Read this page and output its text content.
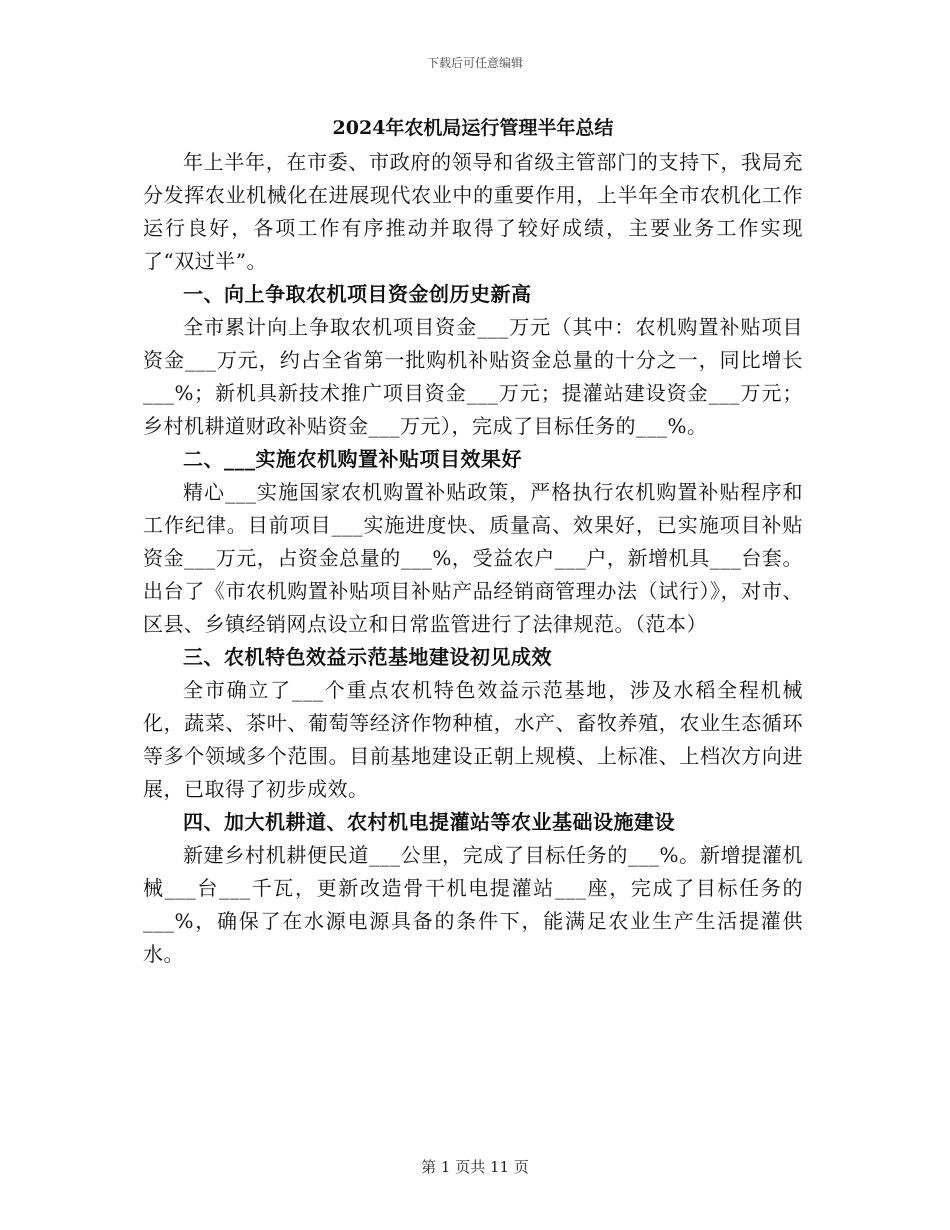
下载后可任意编辑
2024年农机局运行管理半年总结

年上半年，在市委、市政府的领导和省级主管部门的支持下，我局充分发挥农业机械化在进展现代农业中的重要作用，上半年全市农机化工作运行良好，各项工作有序推动并取得了较好成绩，主要业务工作实现了“双过半”。

一、向上争取农机项目资金创历史新高

全市累计向上争取农机项目资金___万元（其中：农机购置补贴项目资金___万元，约占全省第一批购机补贴资金总量的十分之一，同比增长___%；新机具新技术推广项目资金___万元；提灌站建设资金___万元；乡村机耕道财政补贴资金___万元），完成了目标任务的___%。

二、___实施农机购置补贴项目效果好

精心___实施国家农机购置补贴政策，严格执行农机购置补贴程序和工作纪律。目前项目___实施进度快、质量高、效果好，已实施项目补贴资金___万元，占资金总量的___%，受益农户___户，新增机具___台套。出台了《市农机购置补贴项目补贴产品经销商管理办法（试行）》，对市、区县、乡镇经销网点设立和日常监管进行了法律规范。（范本）

三、农机特色效益示范基地建设初见成效

全市确立了___个重点农机特色效益示范基地，涉及水稻全程机械化，蔬菜、茶叶、葡萄等经济作物种植，水产、畜牧养殖，农业生态循环等多个领域多个范围。目前基地建设正朝上规模、上标准、上档次方向进展，已取得了初步成效。

四、加大机耕道、农村机电提灌站等农业基础设施建设

新建乡村机耕便民道___公里，完成了目标任务的___%。新增提灌机械___台___千瓦，更新改造骨干机电提灌站___座，完成了目标任务的___%，确保了在水源电源具备的条件下，能满足农业生产生活提灌供水。

第 1 页共 11 页
